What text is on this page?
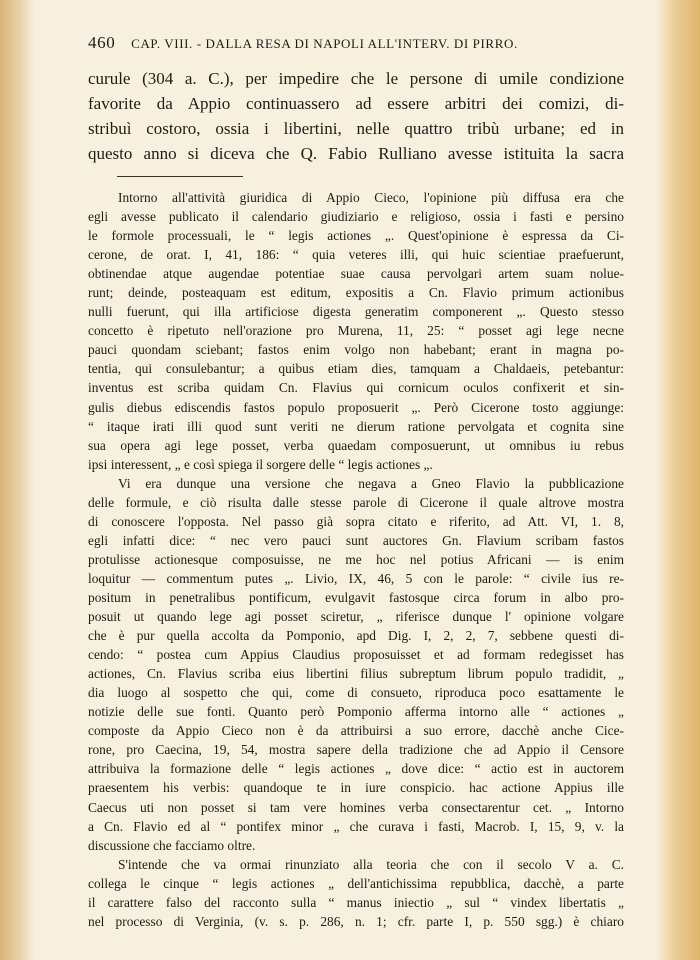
460 CAP. VIII. - DALLA RESA DI NAPOLI ALL'INTERV. DI PIRRO.
curule (304 a. C.), per impedire che le persone di umile condizione
favorite da Appio continuassero ad essere arbitri dei comizi, di-
stribuì costoro, ossia i libertini, nelle quattro tribù urbane; ed in
questo anno si diceva che Q. Fabio Rulliano avesse istituita la sacra
Intorno all'attività giuridica di Appio Cieco, l'opinione più diffusa era che
egli avesse publicato il calendario giudiziario e religioso, ossia i fasti e persino
le formole processuali, le “ legis actiones „. Quest'opinione è espressa da Ci-
cerone, de orat. I, 41, 186: “ quia veteres illi, qui huic scientiae praefuerunt,
obtinendae atque augendae potentiae suae causa pervolgari artem suam nolue-
runt; deinde, posteaquam est editum, expositis a Cn. Flavio primum actionibus
nulli fuerunt, qui illa artificiose digesta generatim componerent „. Questo stesso
concetto è ripetuto nell'orazione pro Murena, 11, 25: “ posset agi lege necne
pauci quondam sciebant; fastos enim volgo non habebant; erant in magna po-
tentia, qui consulebantur; a quibus etiam dies, tamquam a Chaldaeis, petebantur:
inventus est scriba quidam Cn. Flavius qui cornicum oculos confixerit et sin-
gulis diebus ediscendis fastos populo proposuerit „. Però Cicerone tosto aggiunge:
“ itaque irati illi quod sunt veriti ne dierum ratione pervolgata et cognita sine
sua opera agi lege posset, verba quaedam composuerunt, ut omnibus iu rebus
ipsi interessent, „ e così spiega il sorgere delle “ legis actiones „.
Vi era dunque una versione che negava a Gneo Flavio la pubblicazione
delle formule, e ciò risulta dalle stesse parole di Cicerone il quale altrove mostra
di conoscere l'opposta. Nel passo già sopra citato e riferito, ad Att. VI, 1. 8,
egli infatti dice: “ nec vero pauci sunt auctores Gn. Flavium scribam fastos
protulisse actionesque composuisse, ne me hoc nel potius Africani — is enim
loquitur — commentum putes „. Livio, IX, 46, 5 con le parole: “ civile ius re-
positum in penetralibus pontificum, evulgavit fastosque circa forum in albo pro-
posuit ut quando lege agi posset sciretur, „ riferisce dunque l' opinione volgare
che è pur quella accolta da Pomponio, apd Dig. I, 2, 2, 7, sebbene questi di-
cendo: “ postea cum Appius Claudius proposuisset et ad formam redegisset has
actiones, Cn. Flavius scriba eius libertini filius subreptum librum populo tradidit, „
dia luogo al sospetto che qui, come di consueto, riproduca poco esattamente le
notizie delle sue fonti. Quanto però Pomponio afferma intorno alle “ actiones „
composte da Appio Cieco non è da attribuirsi a suo errore, dacchè anche Cice-
rone, pro Caecina, 19, 54, mostra sapere della tradizione che ad Appio il Censore
attribuiva la formazione delle “ legis actiones „ dove dice: “ actio est in auctorem
praesentem his verbis: quandoque te in iure conspicio. hac actione Appius ille
Caecus uti non posset si tam vere homines verba consectarentur cet. „ Intorno
a Cn. Flavio ed al “ pontifex minor „ che curava i fasti, Macrob. I, 15, 9, v. la
discussione che facciamo oltre.
S'intende che va ormai rinunziato alla teoria che con il secolo V a. C.
collega le cinque “ legis actiones „ dell'antichissima repubblica, dacchè, a parte
il carattere falso del racconto sulla “ manus iniectio „ sul “ vindex libertatis „
nel processo di Verginia, (v. s. p. 286, n. 1; cfr. parte I, p. 550 sgg.) è chiaro
